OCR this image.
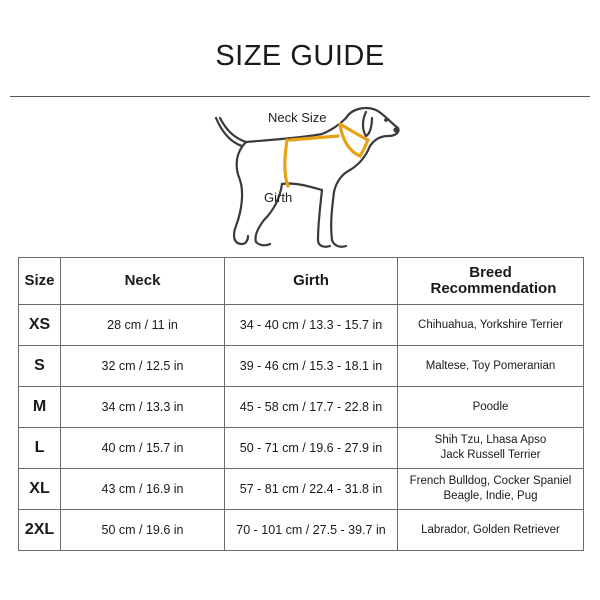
SIZE GUIDE
Neck Size
Girth
Size	Neck	Girth	Breed Recommendation
XS	28 cm / 11 in	34 - 40 cm / 13.3 - 15.7 in	Chihuahua, Yorkshire Terrier

S	32 cm / 12.5 in	39 - 46 cm / 15.3 - 18.1 in	Maltese, Toy Pomeranian

M	34 cm / 13.3 in	45 - 58 cm / 17.7 - 22.8 in	Poodle

L	40 cm / 15.7 in	50 - 71 cm / 19.6 - 27.9 in	Shih Tzu, Lhasa Apso
Jack Russell Terrier

XL	43 cm / 16.9 in	57 - 81 cm / 22.4 - 31.8 in	French Bulldog, Cocker Spaniel
Beagle, Indie, Pug

2XL	50 cm / 19.6 in	70 - 101 cm / 27.5 - 39.7 in	Labrador, Golden Retriever
